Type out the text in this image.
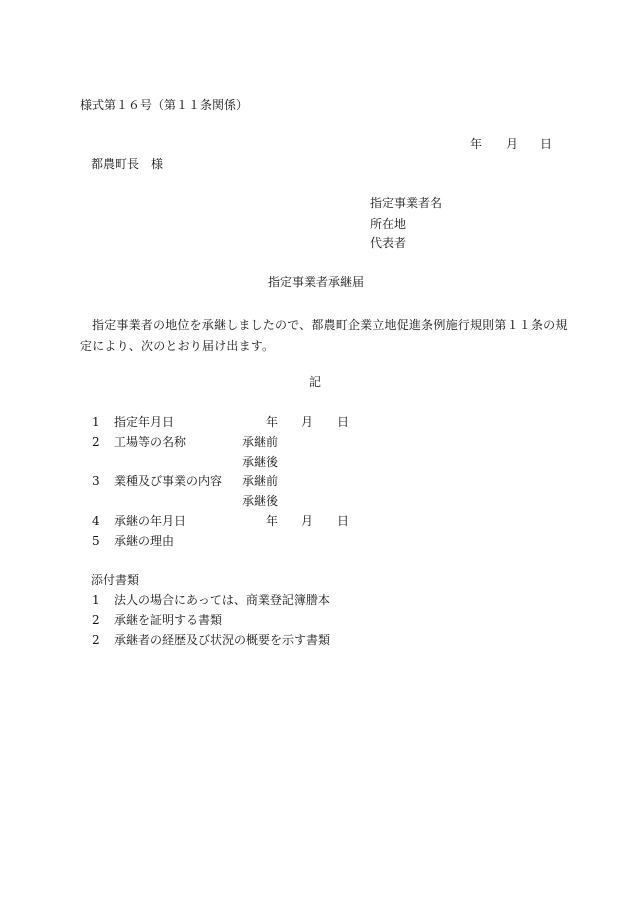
様式第１６号（第１１条関係）
年 月 日
都農町長　様
指定事業者名
所在地
代表者
指定事業者承継届
指定事業者の地位を承継しましたので、都農町企業立地促進条例施行規則第１１条の規定により、次のとおり届け出ます。
記
1 指定年月日	年 月 日
2 工場等の名称	承継前
承継後
3 業種及び事業の内容 承継前
承継後
4 承継の年月日	年 月 日
5 承継の理由
添付書類
1 法人の場合にあっては、商業登記簿謄本
2 承継を証明する書類
2 承継者の経歴及び状況の概要を示す書類
